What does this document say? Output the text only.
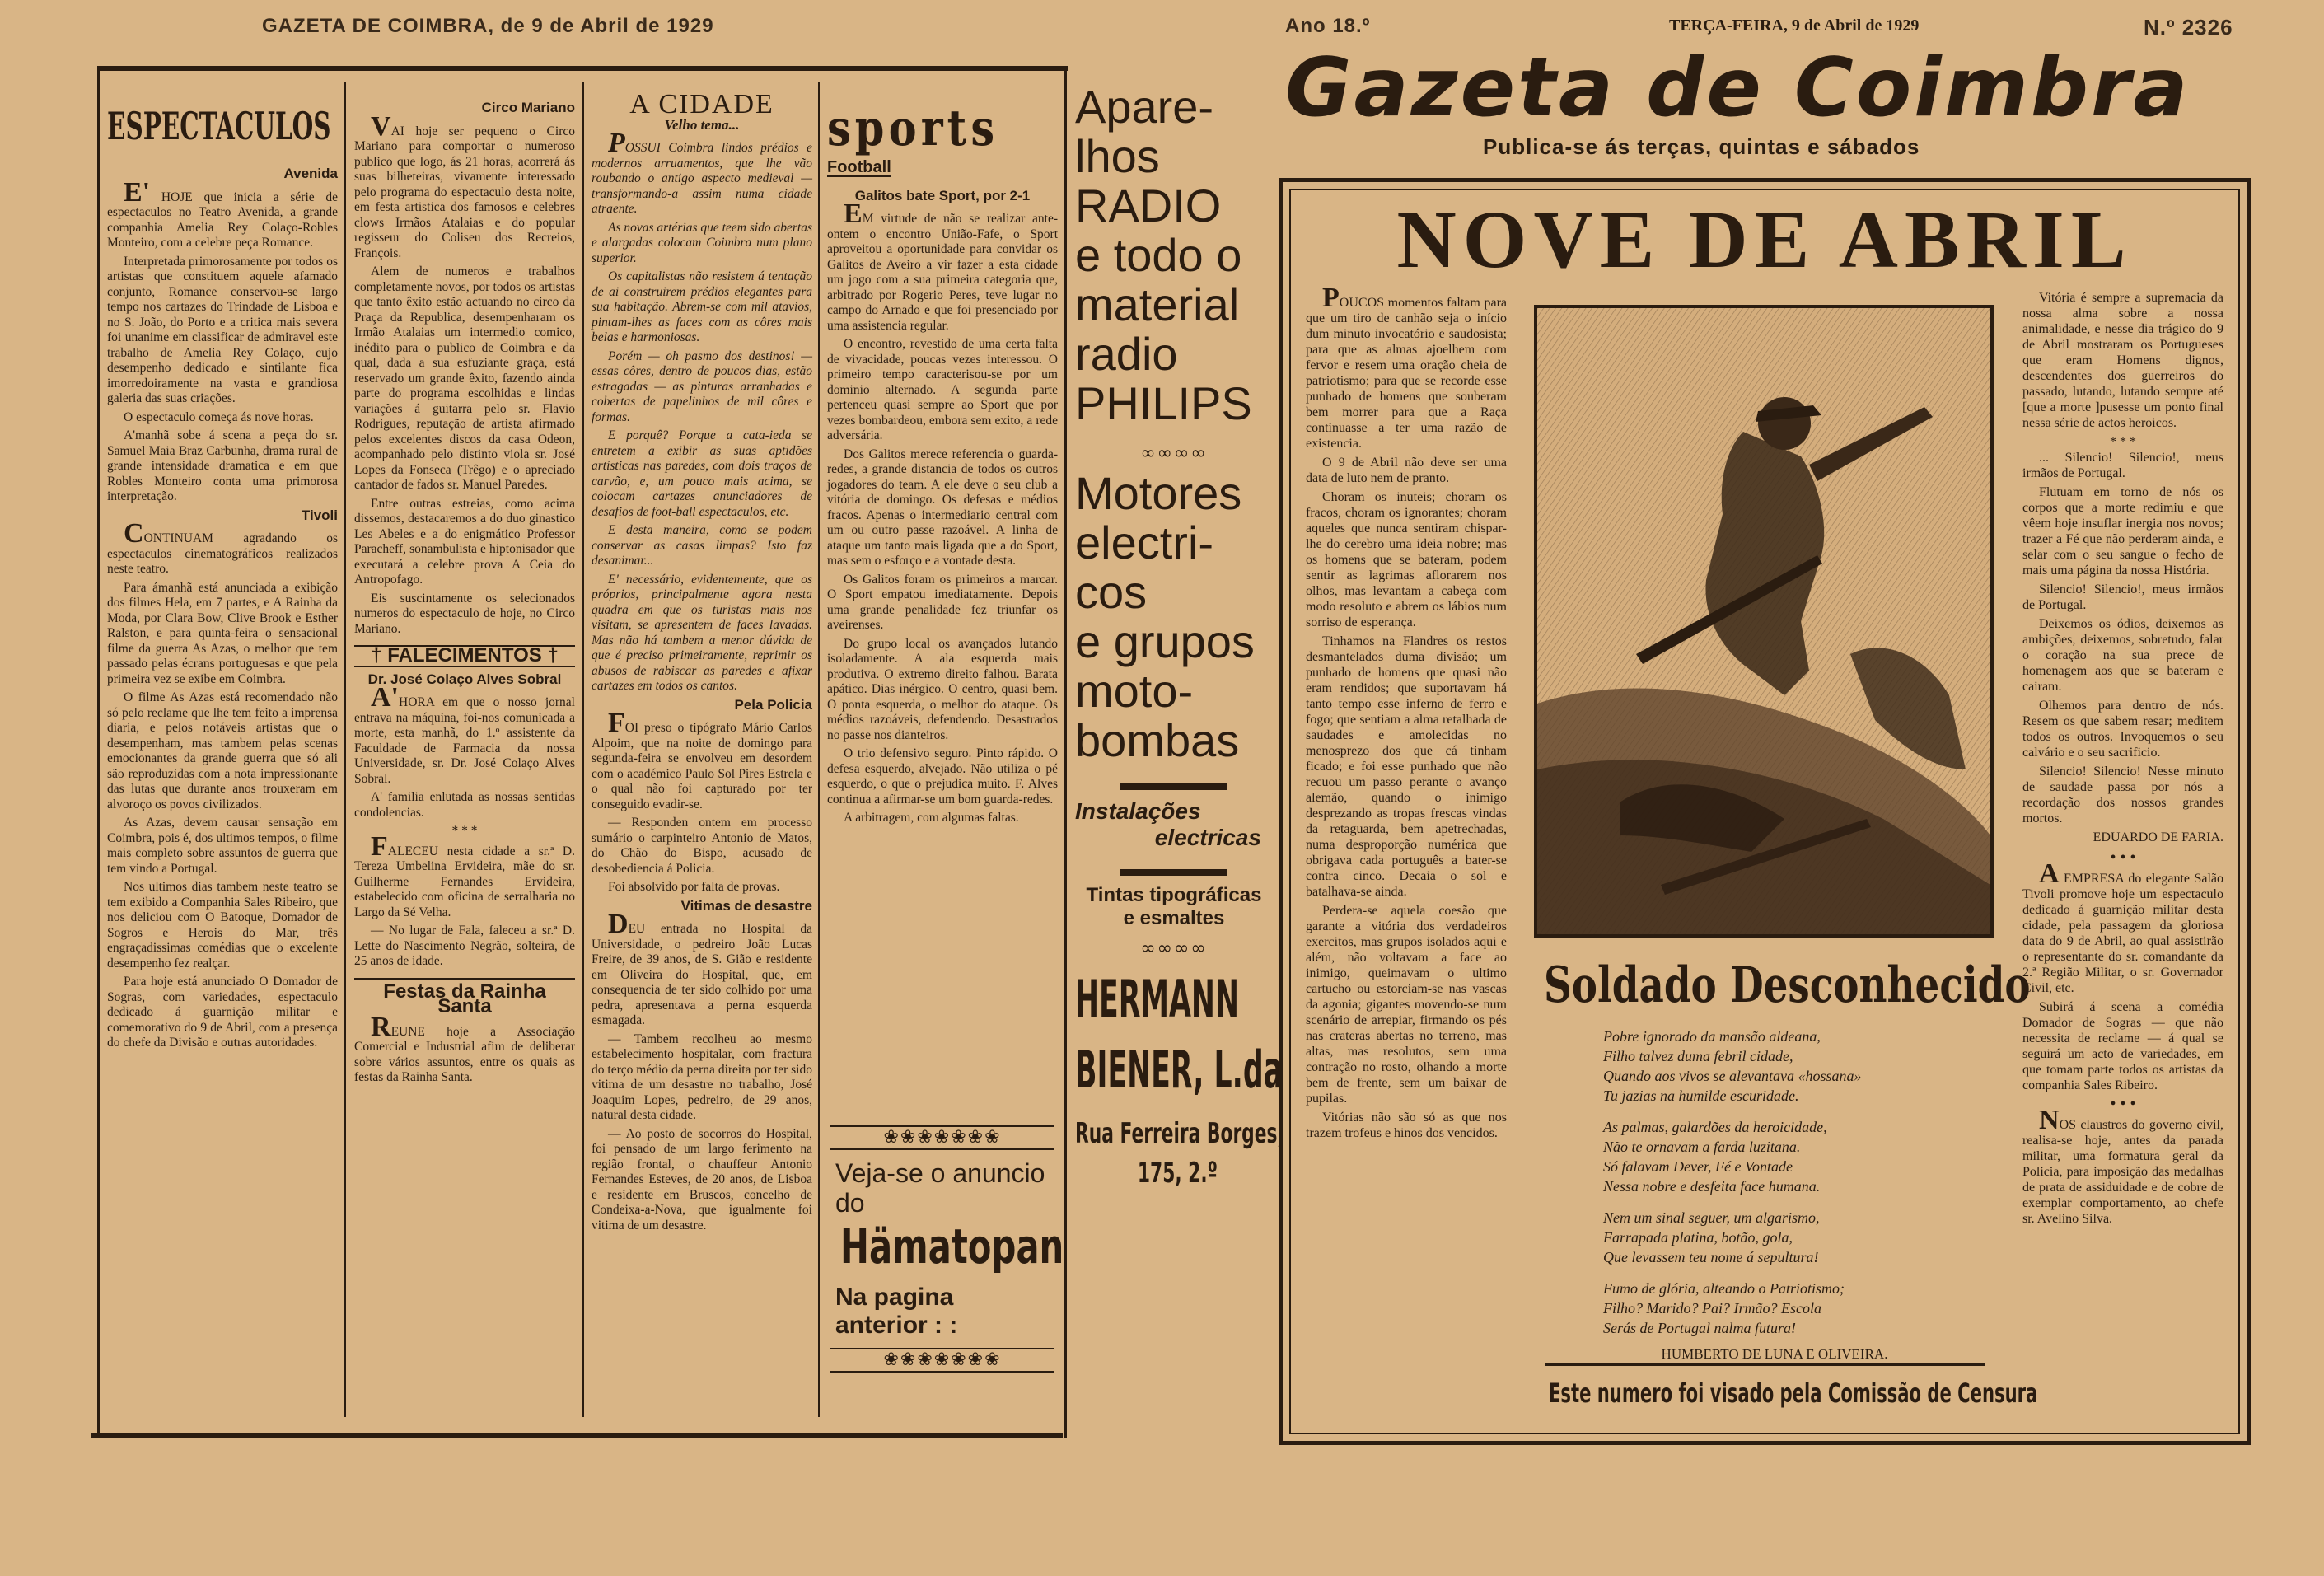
GAZETA DE COIMBRA, de 9 de Abril de 1929	Ano 18.º	TERÇA-FEIRA, 9 de Abril de 1929	N.º 2326
Gazeta de Coimbra
Publica-se ás terças, quintas e sábados
ESPECTACULOS
Avenida

E' HOJE que inicia a série de espectaculos no Teatro Avenida, a grande companhia Amelia Rey Colaço-Robles Monteiro, com a celebre peça Romance.

Interpretada primorosamente por todos os artistas que constituem aquele afamado conjunto, Romance conservou-se largo tempo nos cartazes do Trindade de Lisboa e no S. João, do Porto e a critica mais severa foi unanime em classificar de admiravel este trabalho de Amelia Rey Colaço, cujo desempenho dedicado e sintilante fica imorredoiramente na vasta e grandiosa galeria das suas criações.

O espectaculo começa ás nove horas.

A'manhã sobe á scena a peça do sr. Samuel Maia Braz Carbunha, drama rural de grande intensidade dramatica e em que Robles Monteiro conta uma primorosa interpretação.

Tivoli

CONTINUAM agradando os espectaculos cinematográficos realizados neste teatro.

Para ámanhã está anunciada a exibição dos filmes Hela, em 7 partes, e A Rainha da Moda, por Clara Bow, Clive Brook e Esther Ralston, e para quinta-feira o sensacional filme da guerra As Azas, o melhor que tem passado pelas écrans portuguesas e que pela primeira vez se exibe em Coimbra.

O filme As Azas está recomendado não só pelo reclame que lhe tem feito a imprensa diaria, e pelos notáveis artistas que o desempenham, mas tambem pelas scenas emocionantes da grande guerra que só ali são reproduzidas com a nota impressionante das lutas que durante anos trouxeram em alvoroço os povos civilizados.

As Azas, devem causar sensação em Coimbra, pois é, dos ultimos tempos, o filme mais completo sobre assuntos de guerra que tem vindo a Portugal.

Nos ultimos dias tambem neste teatro se tem exibido a Companhia Sales Ribeiro, que nos deliciou com O Batoque, Domador de Sogros e Herois do Mar, três engraçadissimas comédias que o excelente desempenho fez realçar.

Para hoje está anunciado O Domador de Sogras, com variedades, espectaculo dedicado á guarnição militar e comemorativo do 9 de Abril, com a presença do chefe da Divisão e outras autoridades.

Circo Mariano

VAI hoje ser pequeno o Circo Mariano para comportar o numeroso publico que logo, ás 21 horas, acorrerá ás suas bilheteiras, vivamente interessado pelo programa do espectaculo desta noite, em festa artistica dos famosos e celebres clows Irmãos Atalaias e do popular regisseur do Coliseu dos Recreios, François.

Alem de numeros e trabalhos completamente novos, por todos os artistas que tanto êxito estão actuando no circo da Praça da Republica, desempenharam os Irmão Atalaias um intermedio comico, inédito para o publico de Coimbra e da qual, dada a sua esfuziante graça, está reservado um grande êxito, fazendo ainda parte do programa escolhidas e lindas variações á guitarra pelo sr. Flavio Rodrigues, reputação de artista afirmado pelos excelentes discos da casa Odeon, acompanhado pelo distinto viola sr. José Lopes da Fonseca (Trêgo) e o apreciado cantador de fados sr. Manuel Paredes.

Entre outras estreias, como acima dissemos, destacaremos a do duo ginastico Les Abeles e a do enigmático Professor Paracheff, sonambulista e hiptonisador que executará a celebre prova A Ceia do Antropofago.

Eis suscintamente os selecionados numeros do espectaculo de hoje, no Circo Mariano.

† FALECIMENTOS †
Dr. José Colaço Alves Sobral

A'HORA em que o nosso jornal entrava na máquina, foi-nos comunicada a morte, esta manhã, do 1.º assistente da Faculdade de Farmacia da nossa Universidade, sr. Dr. José Colaço Alves Sobral.

A' familia enlutada as nossas sentidas condolencias.

* * *

FALECEU nesta cidade a sr.ª D. Tereza Umbelina Ervideira, mãe do sr. Guilherme Fernandes Ervideira, estabelecido com oficina de serralharia no Largo da Sé Velha.

— No lugar de Fala, faleceu a sr.ª D. Lette do Nascimento Negrão, solteira, de 25 anos de idade.

Festas da Rainha Santa

REUNE hoje a Associação Comercial e Industrial afim de deliberar sobre vários assuntos, entre os quais as festas da Rainha Santa.

A CIDADE
Velho tema...

POSSUI Coimbra lindos prédios e modernos arruamentos, que lhe vão roubando o antigo aspecto medieval — transformando-a assim numa cidade atraente.

As novas artérias que teem sido abertas e alargadas colocam Coimbra num plano superior.

Os capitalistas não resistem á tentação de ai construirem prédios elegantes para sua habitação. Abrem-se com mil atavios, pintam-lhes as faces com as côres mais belas e harmoniosas.

Porém — oh pasmo dos destinos! — essas côres, dentro de poucos dias, estão estragadas — as pinturas arranhadas e cobertas de papelinhos de mil côres e formas.

E porquê? Porque a cata-ieda se entretem a exibir as suas aptidões artísticas nas paredes, com dois traços de carvão, e, um pouco mais acima, se colocam cartazes anunciadores de desafios de foot-ball espectaculos, etc.

E desta maneira, como se podem conservar as casas limpas? Isto faz desanimar...

E' necessário, evidentemente, que os próprios, principalmente agora nesta quadra em que os turistas mais nos visitam, se apresentem de faces lavadas. Mas não há tambem a menor dúvida de que é preciso primeiramente, reprimir os abusos de rabiscar as paredes e afixar cartazes em todos os cantos.

Pela Policia

FOI preso o tipógrafo Mário Carlos Alpoim, que na noite de domingo para segunda-feira se envolveu em desordem com o académico Paulo Sol Pires Estrela e o qual não foi capturado por ter conseguido evadir-se.

— Responden ontem em processo sumário o carpinteiro Antonio de Matos, do Chão do Bispo, acusado de desobediencia á Policia.

Foi absolvido por falta de provas.

Vitimas de desastre

DEU entrada no Hospital da Universidade, o pedreiro João Lucas Freire, de 39 anos, de S. Gião e residente em Oliveira do Hospital, que, em consequencia de ter sido colhido por uma pedra, apresentava a perna esquerda esmagada.

— Tambem recolheu ao mesmo estabelecimento hospitalar, com fractura do terço médio da perna direita por ter sido vitima de um desastre no trabalho, José Joaquim Lopes, pedreiro, de 29 anos, natural desta cidade.

— Ao posto de socorros do Hospital, foi pensado de um largo ferimento na região frontal, o chauffeur Antonio Fernandes Esteves, de 20 anos, de Lisboa e residente em Bruscos, concelho de Condeixa-a-Nova, que igualmente foi vitima de um desastre.

sports
Football
Galitos bate Sport, por 2-1

EM virtude de não se realizar ante-ontem o encontro União-Fafe, o Sport aproveitou a oportunidade para convidar os Galitos de Aveiro a vir fazer a esta cidade um jogo com a sua primeira categoria que, arbitrado por Rogerio Peres, teve lugar no campo do Arnado e que foi presenciado por uma assistencia regular.

O encontro, revestido de uma certa falta de vivacidade, poucas vezes interessou. O primeiro tempo caracterisou-se por um dominio alternado. A segunda parte pertenceu quasi sempre ao Sport que por vezes bombardeou, embora sem exito, a rede adversária.

Dos Galitos merece referencia o guarda-redes, a grande distancia de todos os outros jogadores do team. A ele deve o seu club a vitória de domingo. Os defesas e médios fracos. Apenas o intermediario central com um ou outro passe razoável. A linha de ataque um tanto mais ligada que a do Sport, mas sem o esforço e a vontade desta.

Os Galitos foram os primeiros a marcar. O Sport empatou imediatamente. Depois uma grande penalidade fez triunfar os aveirenses.

Do grupo local os avançados lutando isoladamente. A ala esquerda mais produtiva. O extremo direito falhou. Barata apático. Dias inérgico. O centro, quasi bem. O ponta esquerda, o melhor do ataque. Os médios razoáveis, defendendo. Desastrados no passe nos dianteiros.

O trio defensivo seguro. Pinto rápido. O defesa esquerdo, alvejado. Não utiliza o pé esquerdo, o que o prejudica muito. F. Alves continua a afirmar-se um bom guarda-redes.

A arbitragem, com algumas faltas.

❀❀❀❀❀❀❀
Veja-se o anuncio do
Hämatopan
Na pagina anterior : :
❀❀❀❀❀❀❀
Apare-
lhos
RADIO
e todo o
material
radio
PHILIPS
∞∞∞∞
Motores
electri-
cos
e grupos
moto-
bombas
Instalações
electricas
Tintas tipográficas
e esmaltes
∞∞∞∞
HERMANN
BIENER, L.da
Rua Ferreira Borges,
175, 2.º
NOVE DE ABRIL

POUCOS momentos faltam para que um tiro de canhão seja o início dum minuto invocatório e saudosista; para que as almas ajoelhem com fervor e resem uma oração cheia de patriotismo; para que se recorde esse punhado de homens que souberam bem morrer para que a Raça continuasse a ter uma razão de existencia.

O 9 de Abril não deve ser uma data de luto nem de pranto.

Choram os inuteis; choram os fracos, choram os ignorantes; choram aqueles que nunca sentiram chispar-lhe do cerebro uma ideia nobre; mas os homens que se bateram, podem sentir as lagrimas aflorarem nos olhos, mas levantam a cabeça com modo resoluto e abrem os lábios num sorriso de esperança.

Tinhamos na Flandres os restos desmantelados duma divisão; um punhado de homens que quasi não eram rendidos; que suportavam há tanto tempo esse inferno de ferro e fogo; que sentiam a alma retalhada de saudades e amolecidas no menosprezo dos que cá tinham ficado; e foi esse punhado que não recuou um passo perante o avanço alemão, quando o inimigo desprezando as tropas frescas vindas da retaguarda, bem apetrechadas, numa desproporção numérica que obrigava cada português a bater-se contra cinco. Decaia o sol e batalhava-se ainda.

Perdera-se aquela coesão que garante a vitória dos verdadeiros exercitos, mas grupos isolados aqui e além, não voltavam a face ao inimigo, queimavam o ultimo cartucho ou estorciam-se nas vascas da agonia; gigantes movendo-se num scenário de arrepiar, firmando os pés nas crateras abertas no terreno, mas altas, mas resolutos, sem uma contração no rosto, olhando a morte bem de frente, sem um baixar de pupilas.

Vitórias não são só as que nos trazem trofeus e hinos dos vencidos.

Vitória é sempre a supremacia da nossa alma sobre a nossa animalidade, e nesse dia trágico do 9 de Abril mostraram os Portugueses que eram Homens dignos, descendentes dos guerreiros do passado, lutando, lutando sempre até [que a morte ]pusesse um ponto final nessa série de actos heroicos.

* * *

... Silencio! Silencio!, meus irmãos de Portugal.

Flutuam em torno de nós os corpos que a morte redimiu e que vêem hoje insuflar inergia nos novos; trazer a Fé que não perderam ainda, e selar com o seu sangue o fecho de mais uma página da nossa História.

Silencio! Silencio!, meus irmãos de Portugal.

Deixemos os ódios, deixemos as ambições, deixemos, sobretudo, falar o coração na sua prece de homenagem aos que se bateram e cairam.

Olhemos para dentro de nós. Resem os que sabem resar; meditem todos os outros. Invoquemos o seu calvário e o seu sacrificio.

Silencio! Silencio! Nesse minuto de saudade passa por nós a recordação dos nossos grandes mortos.

EDUARDO DE FARIA.
• • •

A EMPRESA do elegante Salão Tivoli promove hoje um espectaculo dedicado á guarnição militar desta cidade, pela passagem da gloriosa data do 9 de Abril, ao qual assistirão o representante do sr. comandante da 2.ª Região Militar, o sr. Governador Civil, etc.

Subirá á scena a comédia Domador de Sogras — que não necessita de reclame — á qual se seguirá um acto de variedades, em que tomam parte todos os artistas da companhia Sales Ribeiro.

• • •

NOS claustros do governo civil, realisa-se hoje, antes da parada militar, uma formatura geral da Policia, para imposição das medalhas de prata de assiduidade e de cobre de exemplar comportamento, ao chefe sr. Avelino Silva.

Soldado Desconhecido
Pobre ignorado da mansão aldeana,
Filho talvez duma febril cidade,
Quando aos vivos se alevantava «hossana»
Tu jazias na humilde escuridade.
As palmas, galardões da heroicidade,
Não te ornavam a farda luzitana.
Só falavam Dever, Fé e Vontade
Nessa nobre e desfeita face humana.
Nem um sinal seguer, um algarismo,
Farrapada platina, botão, gola,
Que levassem teu nome á sepultura!
Fumo de glória, alteando o Patriotismo;
Filho? Marido? Pai? Irmão? Escola
Serás de Portugal nalma futura!
HUMBERTO DE LUNA E OLIVEIRA.
Este numero foi visado pela Comissão de Censura
